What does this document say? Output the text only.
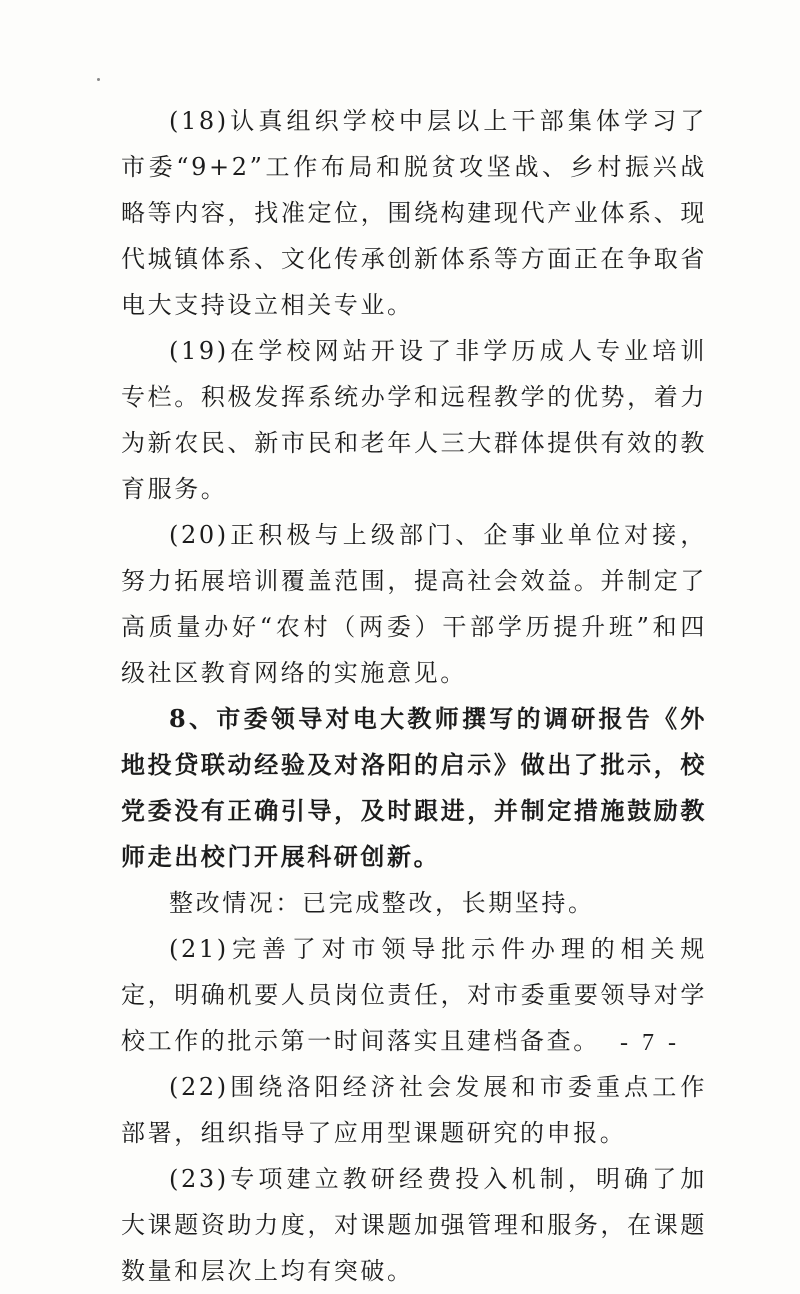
(18)认真组织学校中层以上干部集体学习了市委“9+2”工作布局和脱贫攻坚战、乡村振兴战略等内容，找准定位，围绕构建现代产业体系、现代城镇体系、文化传承创新体系等方面正在争取省电大支持设立相关专业。

(19)在学校网站开设了非学历成人专业培训专栏。积极发挥系统办学和远程教学的优势，着力为新农民、新市民和老年人三大群体提供有效的教育服务。

(20)正积极与上级部门、企事业单位对接，努力拓展培训覆盖范围，提高社会效益。并制定了高质量办好“农村（两委）干部学历提升班”和四级社区教育网络的实施意见。

8、市委领导对电大教师撰写的调研报告《外地投贷联动经验及对洛阳的启示》做出了批示，校党委没有正确引导，及时跟进，并制定措施鼓励教师走出校门开展科研创新。

整改情况：已完成整改，长期坚持。

(21)完善了对市领导批示件办理的相关规定，明确机要人员岗位责任，对市委重要领导对学校工作的批示第一时间落实且建档备查。

(22)围绕洛阳经济社会发展和市委重点工作部署，组织指导了应用型课题研究的申报。

(23)专项建立教研经费投入机制，明确了加大课题资助力度，对课题加强管理和服务，在课题数量和层次上均有突破。

- 7 -
